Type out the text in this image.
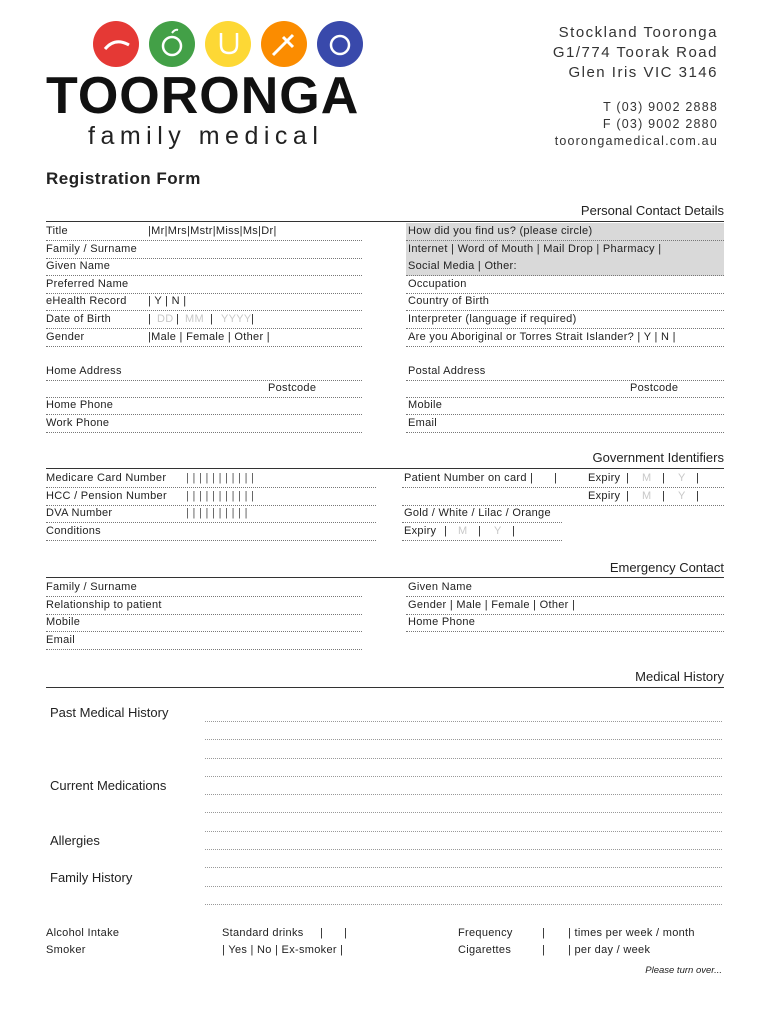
TOORONGA
family medical
Stockland Tooronga
G1/774 Toorak Road
Glen Iris VIC 3146
T (03) 9002 2888
F (03) 9002 2880
toorongamedical.com.au
Registration Form
Personal Contact Details
Title	|Mr|Mrs|Mstr|Miss|Ms|Dr|
Family / Surname
Given Name
Preferred Name
eHealth Record | Y | N |
Date of Birth	| DD | MM | YYYY |
Gender	|Male | Female | Other |
How did you find us? (please circle)
Internet | Word of Mouth | Mail Drop | Pharmacy |
Social Media | Other:
Occupation
Country of Birth
Interpreter (language if required)
Are you Aboriginal or Torres Strait Islander? | Y | N |
Home Address
Postcode
Home Phone
Work Phone
Postal Address
Postcode
Mobile
Email
Government Identifiers
Medicare Card Number | | | | | | | | | | |
HCC / Pension Number | | | | | | | | | | |
DVA Number	| | | | | | | | | |
Conditions
Patient Number on card | |	Expiry | M | Y |
Expiry | M | Y |
Gold / White / Lilac / Orange
Expiry | M | Y |
Emergency Contact
Family / Surname
Relationship to patient
Mobile
Email
Given Name
Gender | Male | Female | Other |
Home Phone
Medical History
Past Medical History
Current Medications
Allergies
Family History
Alcohol Intake	Standard drinks | |	Frequency	| | times per week / month
Smoker	| Yes | No | Ex-smoker |	Cigarettes	| | per day / week
Please turn over...
